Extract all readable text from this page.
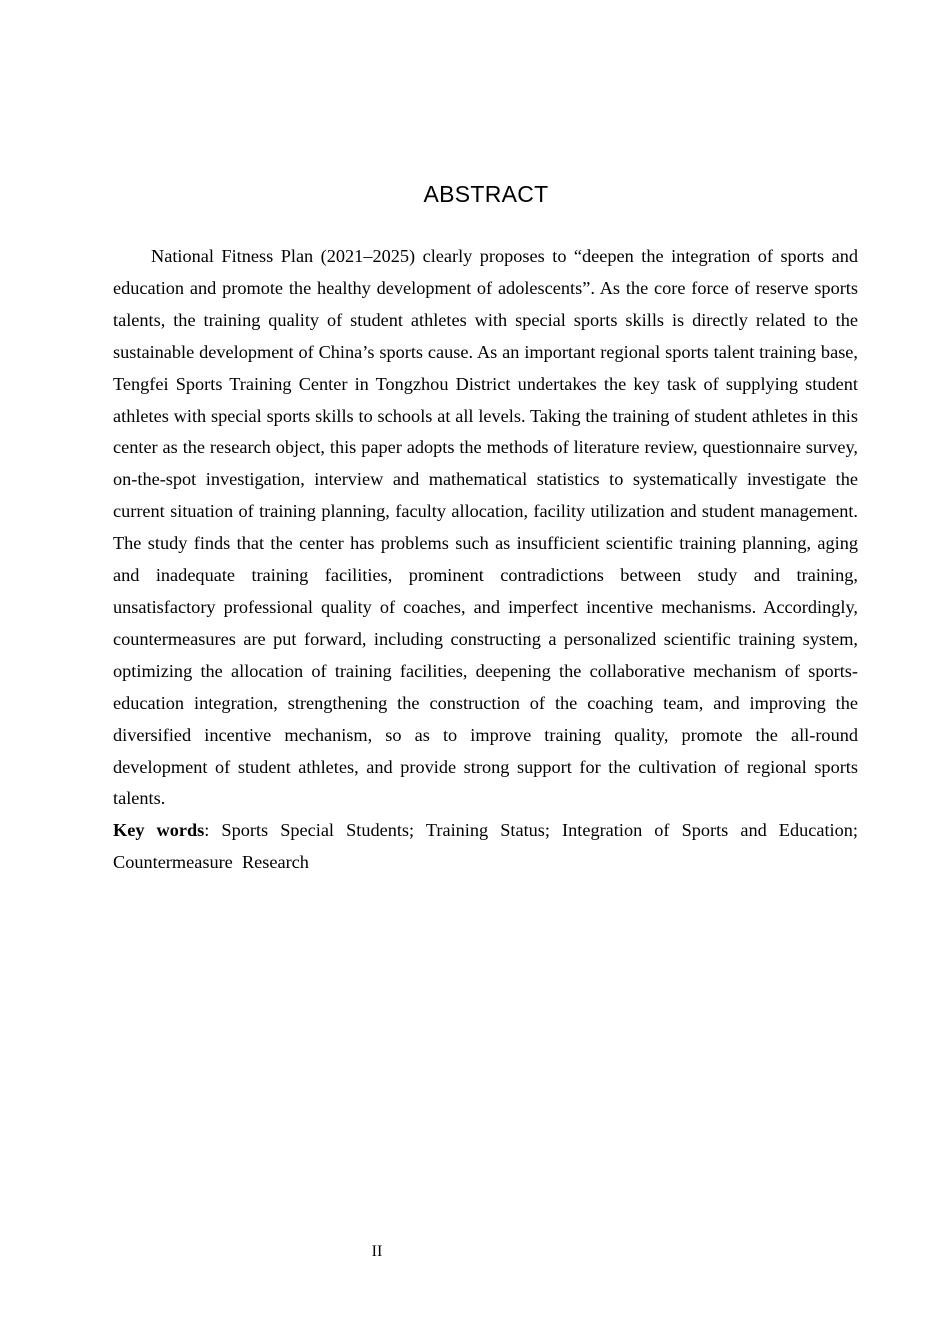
ABSTRACT

National Fitness Plan (2021–2025) clearly proposes to “deepen the integration of sports and education and promote the healthy development of adolescents”. As the core force of reserve sports talents, the training quality of student athletes with special sports skills is directly related to the sustainable development of China’s sports cause. As an important regional sports talent training base, Tengfei Sports Training Center in Tongzhou District undertakes the key task of supplying student athletes with special sports skills to schools at all levels. Taking the training of student athletes in this center as the research object, this paper adopts the methods of literature review, questionnaire survey, on-the-spot investigation, interview and mathematical statistics to systematically investigate the current situation of training planning, faculty allocation, facility utilization and student management. The study finds that the center has problems such as insufficient scientific training planning, aging and inadequate training facilities, prominent contradictions between study and training, unsatisfactory professional quality of coaches, and imperfect incentive mechanisms. Accordingly, countermeasures are put forward, including constructing a personalized scientific training system, optimizing the allocation of training facilities, deepening the collaborative mechanism of sports-education integration, strengthening the construction of the coaching team, and improving the diversified incentive mechanism, so as to improve training quality, promote the all-round development of student athletes, and provide strong support for the cultivation of regional sports talents.

Key words: Sports Special Students; Training Status; Integration of Sports and Education; Countermeasure  Research

II
